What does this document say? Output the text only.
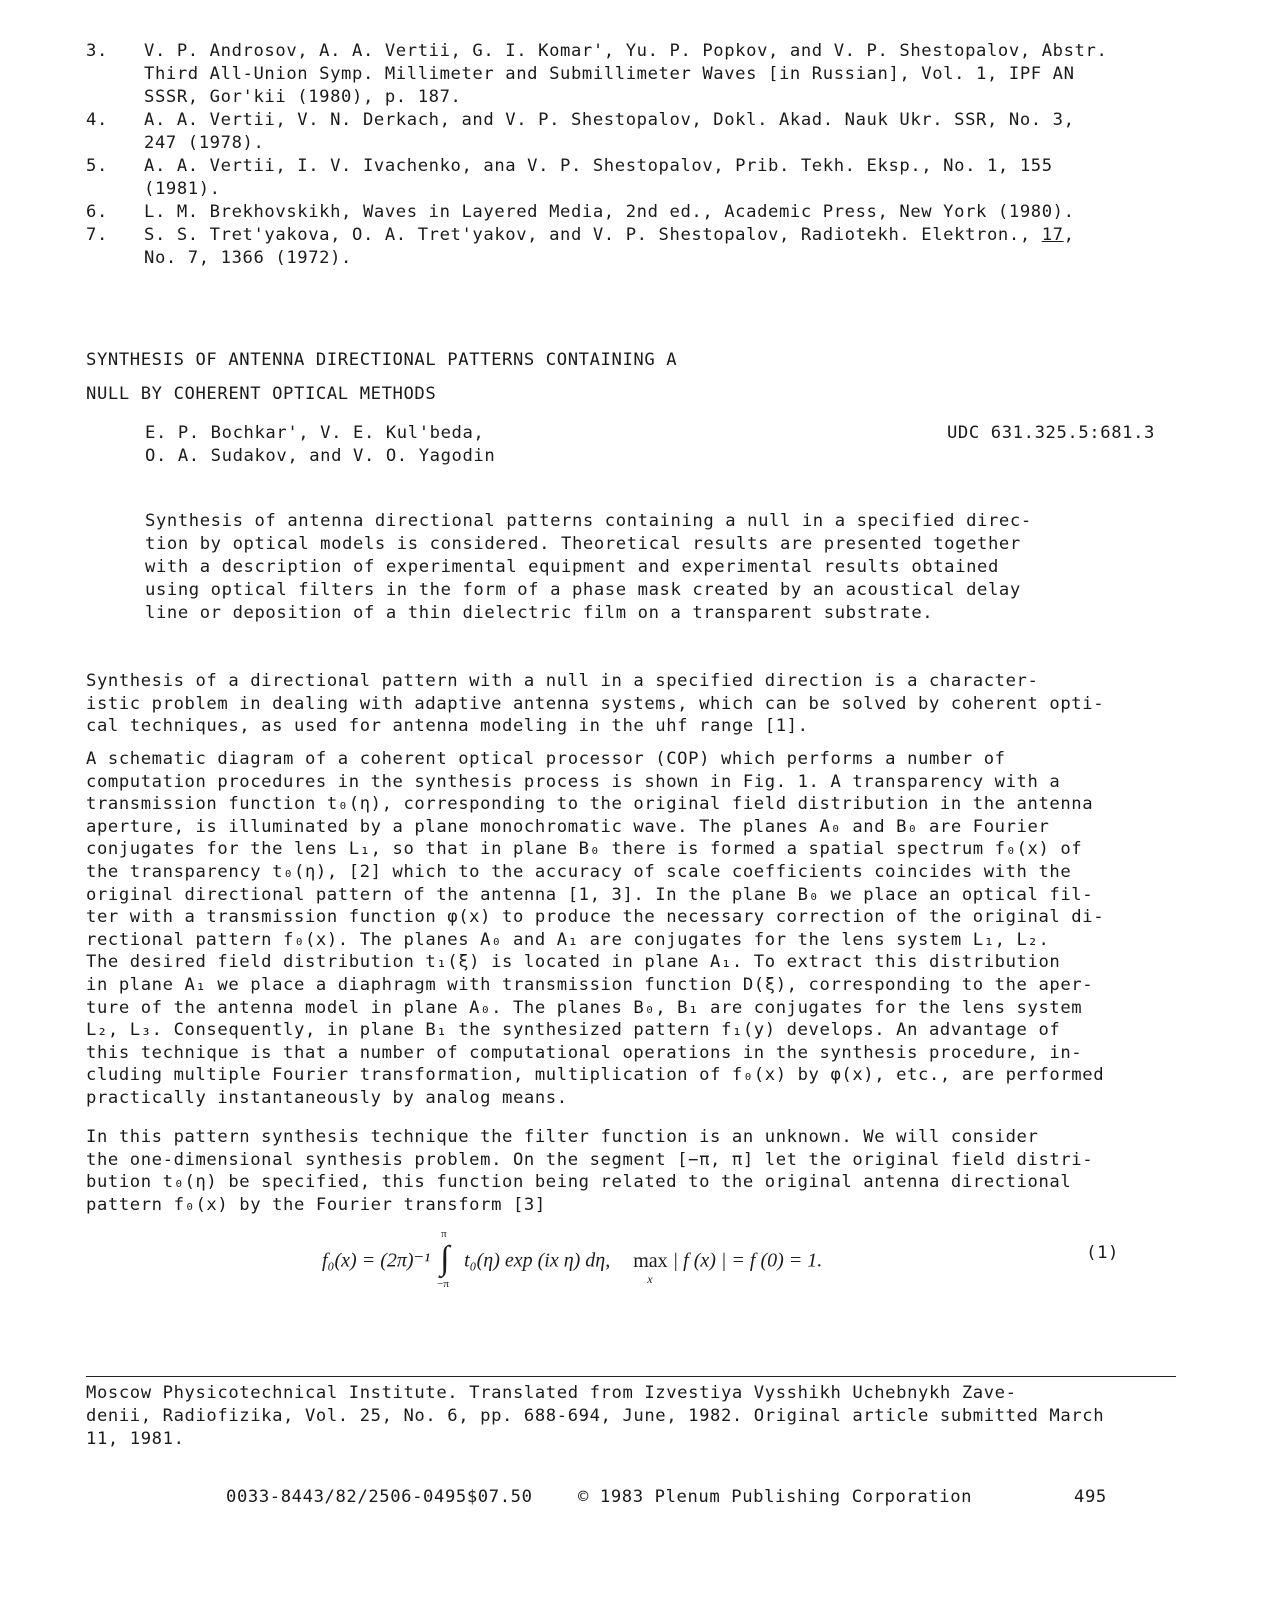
3.	V. P. Androsov, A. A. Vertii, G. I. Komar', Yu. P. Popkov, and V. P. Shestopalov, Abstr.
Third All-Union Symp. Millimeter and Submillimeter Waves [in Russian], Vol. 1, IPF AN
SSSR, Gor'kii (1980), p. 187.
4.	A. A. Vertii, V. N. Derkach, and V. P. Shestopalov, Dokl. Akad. Nauk Ukr. SSR, No. 3,
247 (1978).
5.	A. A. Vertii, I. V. Ivachenko, ana V. P. Shestopalov, Prib. Tekh. Eksp., No. 1, 155
(1981).
6.	L. M. Brekhovskikh, Waves in Layered Media, 2nd ed., Academic Press, New York (1980).
7.	S. S. Tret'yakova, O. A. Tret'yakov, and V. P. Shestopalov, Radiotekh. Elektron., 17,
No. 7, 1366 (1972).
SYNTHESIS OF ANTENNA DIRECTIONAL PATTERNS CONTAINING A
NULL BY COHERENT OPTICAL METHODS
E. P. Bochkar', V. E. Kul'beda,
O. A. Sudakov, and V. O. Yagodin
UDC 631.325.5:681.3
Synthesis of antenna directional patterns containing a null in a specified direc-
tion by optical models is considered. Theoretical results are presented together
with a description of experimental equipment and experimental results obtained
using optical filters in the form of a phase mask created by an acoustical delay
line or deposition of a thin dielectric film on a transparent substrate.
Synthesis of a directional pattern with a null in a specified direction is a character-
istic problem in dealing with adaptive antenna systems, which can be solved by coherent opti-
cal techniques, as used for antenna modeling in the uhf range [1].
A schematic diagram of a coherent optical processor (COP) which performs a number of
computation procedures in the synthesis process is shown in Fig. 1. A transparency with a
transmission function t₀(η), corresponding to the original field distribution in the antenna
aperture, is illuminated by a plane monochromatic wave. The planes A₀ and B₀ are Fourier
conjugates for the lens L₁, so that in plane B₀ there is formed a spatial spectrum f₀(x) of
the transparency t₀(η), [2] which to the accuracy of scale coefficients coincides with the
original directional pattern of the antenna [1, 3]. In the plane B₀ we place an optical fil-
ter with a transmission function φ(x) to produce the necessary correction of the original di-
rectional pattern f₀(x). The planes A₀ and A₁ are conjugates for the lens system L₁, L₂.
The desired field distribution t₁(ξ) is located in plane A₁. To extract this distribution
in plane A₁ we place a diaphragm with transmission function D(ξ), corresponding to the aper-
ture of the antenna model in plane A₀. The planes B₀, B₁ are conjugates for the lens system
L₂, L₃. Consequently, in plane B₁ the synthesized pattern f₁(y) develops. An advantage of
this technique is that a number of computational operations in the synthesis procedure, in-
cluding multiple Fourier transformation, multiplication of f₀(x) by φ(x), etc., are performed
practically instantaneously by analog means.
In this pattern synthesis technique the filter function is an unknown. We will consider
the one-dimensional synthesis problem. On the segment [−π, π] let the original field distri-
bution t₀(η) be specified, this function being related to the original antenna directional
pattern f₀(x) by the Fourier transform [3]
f₀(x) = (2π)⁻¹
π
∫
−π
t₀(η) exp (ix η) dη, max
x
| f (x) | = f (0) = 1.	(1)
Moscow Physicotechnical Institute. Translated from Izvestiya Vysshikh Uchebnykh Zave-
denii, Radiofizika, Vol. 25, No. 6, pp. 688-694, June, 1982. Original article submitted March
11, 1981.
0033-8443/82/2506-0495$07.50	© 1983 Plenum Publishing Corporation	495
